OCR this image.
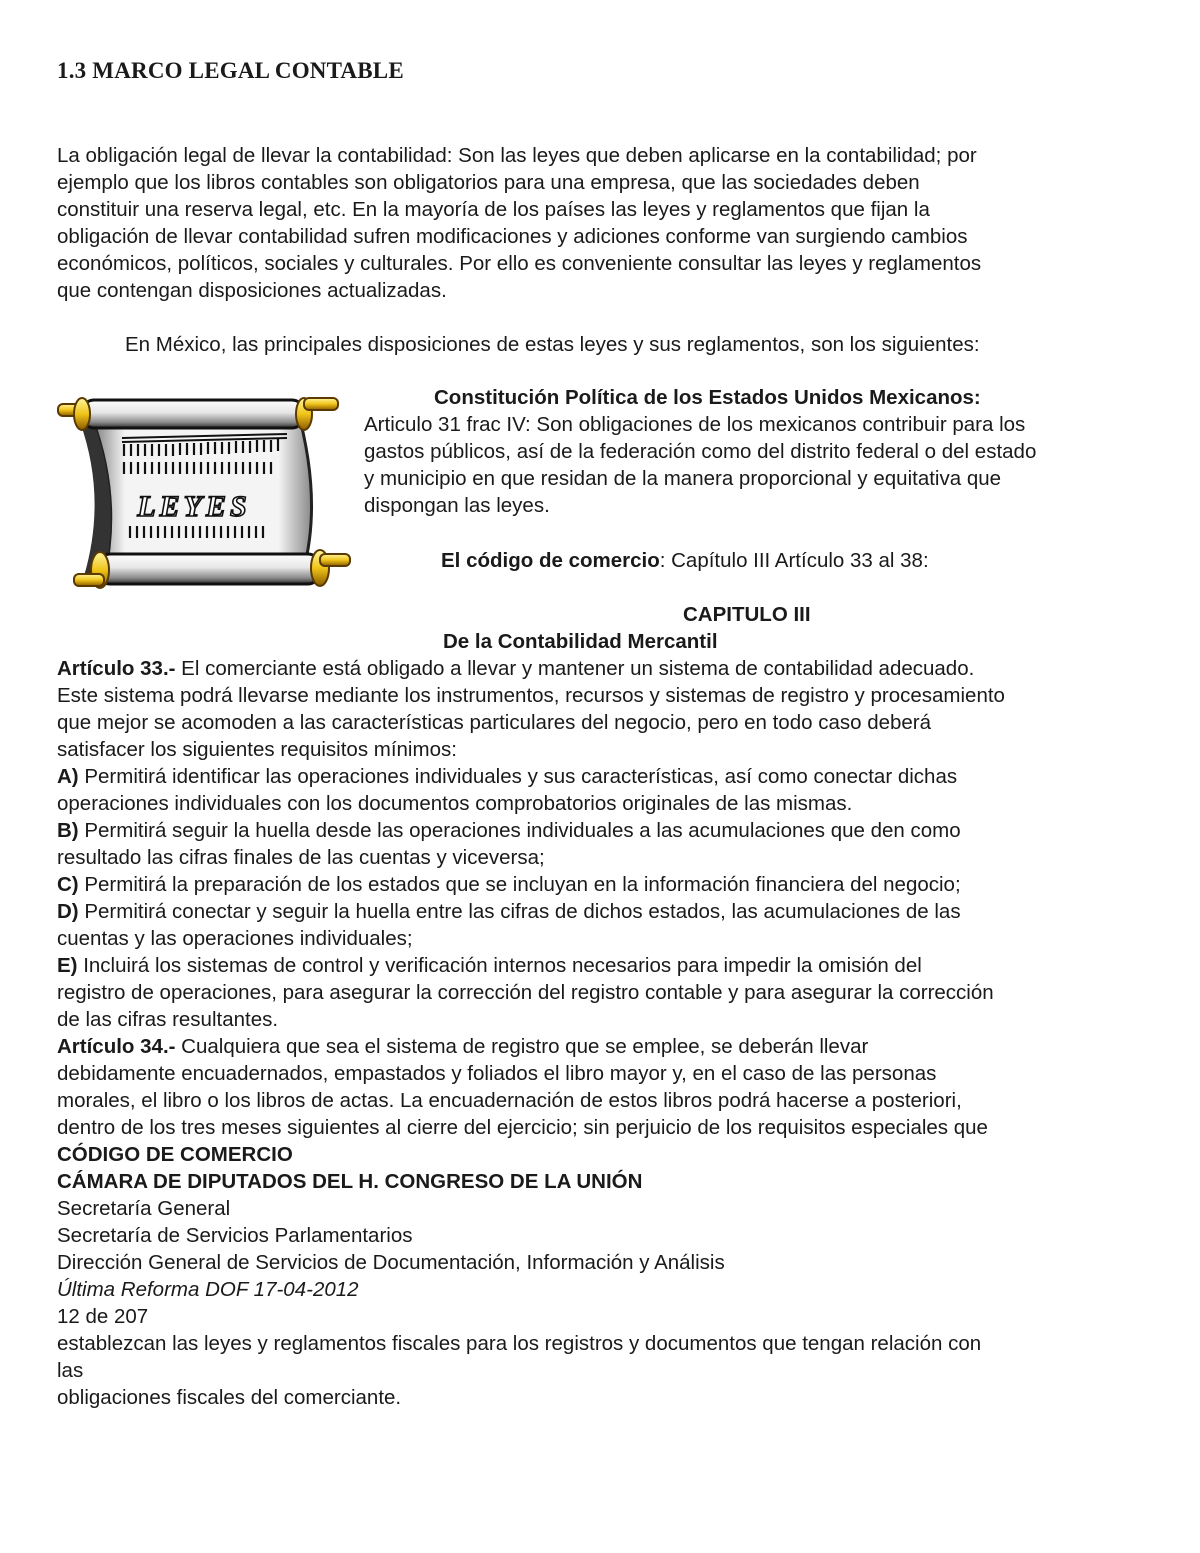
1.3 MARCO LEGAL CONTABLE

La obligación legal de llevar la contabilidad: Son las leyes que deben aplicarse en la contabilidad; por
ejemplo que los libros contables son obligatorios para una empresa, que las sociedades deben
constituir una reserva legal, etc. En la mayoría de los países las leyes y reglamentos que fijan la
obligación de llevar contabilidad sufren modificaciones y adiciones conforme van surgiendo cambios
económicos, políticos, sociales y culturales. Por ello es conveniente consultar las leyes y reglamentos
que contengan disposiciones actualizadas.

En México, las principales disposiciones de estas leyes y sus reglamentos, son los siguientes:

LEYES
Constitución Política de los Estados Unidos Mexicanos:
Articulo 31 frac IV: Son obligaciones de los mexicanos contribuir para los
gastos públicos, así de la federación como del distrito federal o del estado
y municipio en que residan de la manera proporcional y equitativa que
dispongan las leyes.
El código de comercio: Capítulo III Artículo 33 al 38:
CAPITULO III
De la Contabilidad Mercantil
Artículo 33.- El comerciante está obligado a llevar y mantener un sistema de contabilidad adecuado.
Este sistema podrá llevarse mediante los instrumentos, recursos y sistemas de registro y procesamiento
que mejor se acomoden a las características particulares del negocio, pero en todo caso deberá
satisfacer los siguientes requisitos mínimos:
A) Permitirá identificar las operaciones individuales y sus características, así como conectar dichas
operaciones individuales con los documentos comprobatorios originales de las mismas.
B) Permitirá seguir la huella desde las operaciones individuales a las acumulaciones que den como
resultado las cifras finales de las cuentas y viceversa;
C) Permitirá la preparación de los estados que se incluyan en la información financiera del negocio;
D) Permitirá conectar y seguir la huella entre las cifras de dichos estados, las acumulaciones de las
cuentas y las operaciones individuales;
E) Incluirá los sistemas de control y verificación internos necesarios para impedir la omisión del
registro de operaciones, para asegurar la corrección del registro contable y para asegurar la corrección
de las cifras resultantes.
Artículo 34.- Cualquiera que sea el sistema de registro que se emplee, se deberán llevar
debidamente encuadernados, empastados y foliados el libro mayor y, en el caso de las personas
morales, el libro o los libros de actas. La encuadernación de estos libros podrá hacerse a posteriori,
dentro de los tres meses siguientes al cierre del ejercicio; sin perjuicio de los requisitos especiales que
CÓDIGO DE COMERCIO
CÁMARA DE DIPUTADOS DEL H. CONGRESO DE LA UNIÓN
Secretaría General
Secretaría de Servicios Parlamentarios
Dirección General de Servicios de Documentación, Información y Análisis
Última Reforma DOF 17-04-2012
12 de 207
establezcan las leyes y reglamentos fiscales para los registros y documentos que tengan relación con
las
obligaciones fiscales del comerciante.
